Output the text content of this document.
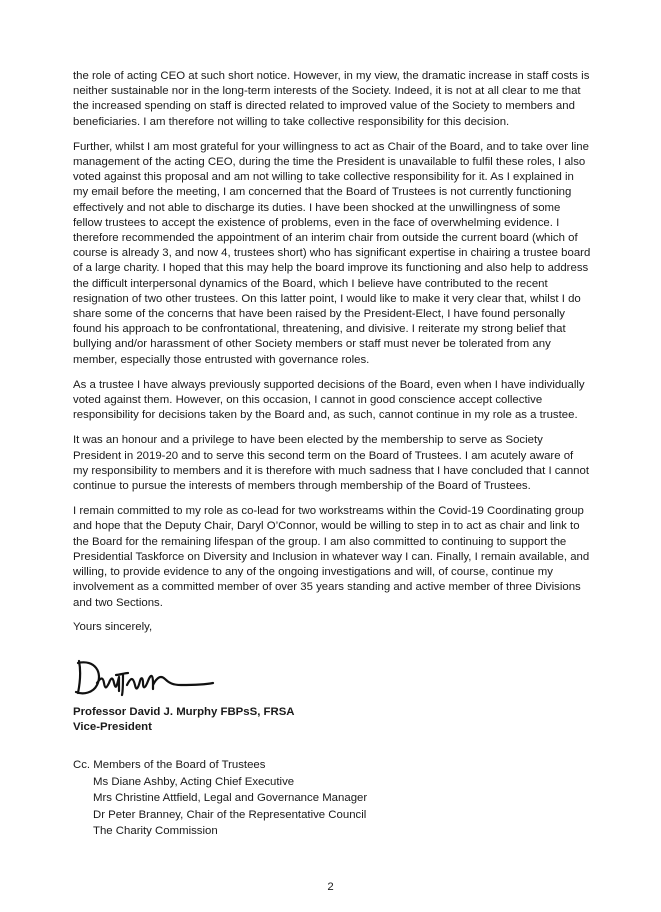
the role of acting CEO at such short notice. However, in my view, the dramatic increase in staff costs is neither sustainable nor in the long-term interests of the Society. Indeed, it is not at all clear to me that the increased spending on staff is directed related to improved value of the Society to members and beneficiaries. I am therefore not willing to take collective responsibility for this decision.

Further, whilst I am most grateful for your willingness to act as Chair of the Board, and to take over line management of the acting CEO, during the time the President is unavailable to fulfil these roles, I also voted against this proposal and am not willing to take collective responsibility for it. As I explained in my email before the meeting, I am concerned that the Board of Trustees is not currently functioning effectively and not able to discharge its duties. I have been shocked at the unwillingness of some fellow trustees to accept the existence of problems, even in the face of overwhelming evidence. I therefore recommended the appointment of an interim chair from outside the current board (which of course is already 3, and now 4, trustees short) who has significant expertise in chairing a trustee board of a large charity. I hoped that this may help the board improve its functioning and also help to address the difficult interpersonal dynamics of the Board, which I believe have contributed to the recent resignation of two other trustees. On this latter point, I would like to make it very clear that, whilst I do share some of the concerns that have been raised by the President-Elect, I have found personally found his approach to be confrontational, threatening, and divisive. I reiterate my strong belief that bullying and/or harassment of other Society members or staff must never be tolerated from any member, especially those entrusted with governance roles.

As a trustee I have always previously supported decisions of the Board, even when I have individually voted against them. However, on this occasion, I cannot in good conscience accept collective responsibility for decisions taken by the Board and, as such, cannot continue in my role as a trustee.

It was an honour and a privilege to have been elected by the membership to serve as Society President in 2019-20 and to serve this second term on the Board of Trustees. I am acutely aware of my responsibility to members and it is therefore with much sadness that I have concluded that I cannot continue to pursue the interests of members through membership of the Board of Trustees.

I remain committed to my role as co-lead for two workstreams within the Covid-19 Coordinating group and hope that the Deputy Chair, Daryl O’Connor, would be willing to step in to act as chair and link to the Board for the remaining lifespan of the group. I am also committed to continuing to support the Presidential Taskforce on Diversity and Inclusion in whatever way I can. Finally, I remain available, and willing, to provide evidence to any of the ongoing investigations and will, of course, continue my involvement as a committed member of over 35 years standing and active member of three Divisions and two Sections.

Yours sincerely,

Professor David J. Murphy FBPsS, FRSA
Vice-President
Cc. Members of the Board of Trustees
Ms Diane Ashby, Acting Chief Executive
Mrs Christine Attfield, Legal and Governance Manager
Dr Peter Branney, Chair of the Representative Council
The Charity Commission
2
